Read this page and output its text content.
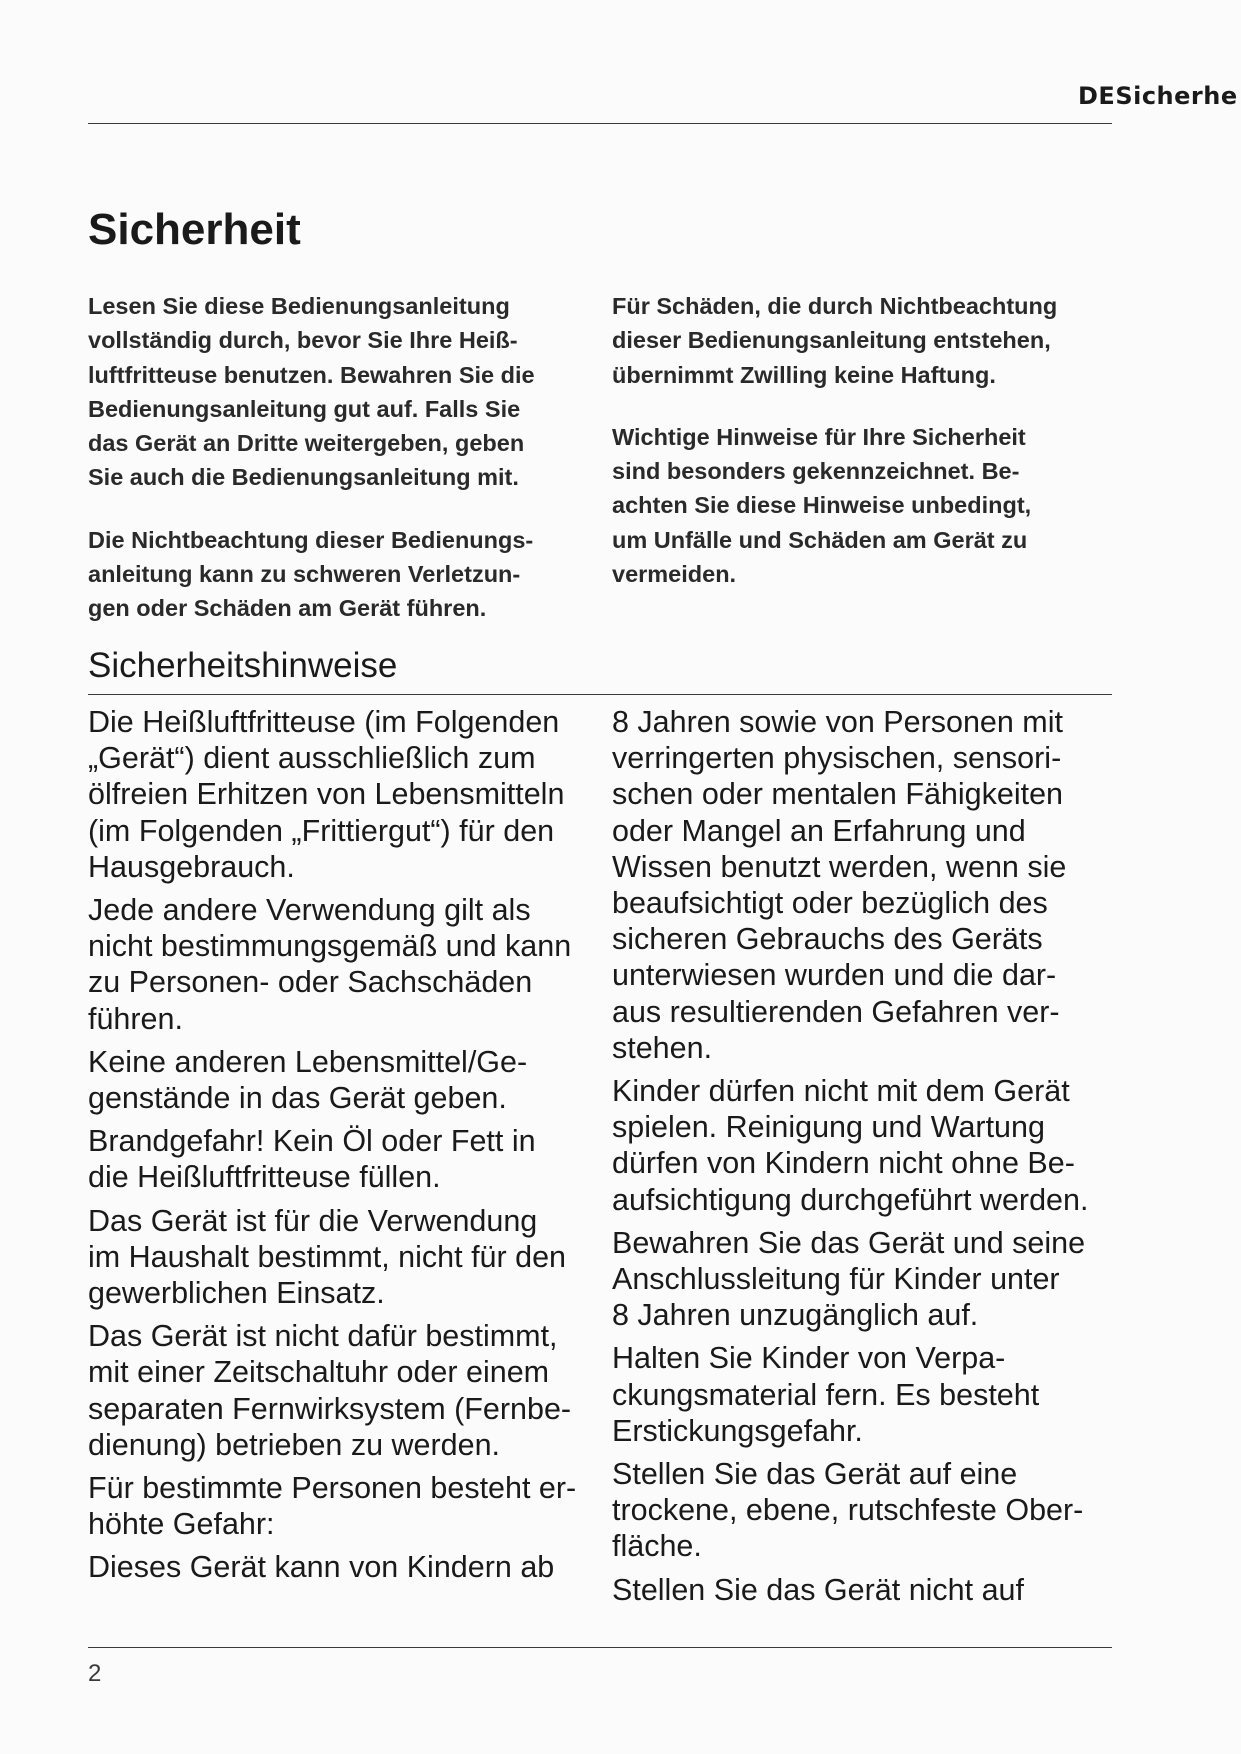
DESicherhe
Sicherheit

Lesen Sie diese Bedienungsanleitung
vollständig durch, bevor Sie Ihre Heiß-
luftfritteuse benutzen. Bewahren Sie die
Bedienungsanleitung gut auf. Falls Sie
das Gerät an Dritte weitergeben, geben
Sie auch die Bedienungsanleitung mit.

Die Nichtbeachtung dieser Bedienungs-
anleitung kann zu schweren Verletzun-
gen oder Schäden am Gerät führen.

Für Schäden, die durch Nichtbeachtung
dieser Bedienungsanleitung entstehen,
übernimmt Zwilling keine Haftung.

Wichtige Hinweise für Ihre Sicherheit
sind besonders gekennzeichnet. Be-
achten Sie diese Hinweise unbedingt,
um Unfälle und Schäden am Gerät zu
vermeiden.

Sicherheitshinweise

Die Heißluftfritteuse (im Folgenden
„Gerät“) dient ausschließlich zum
ölfreien Erhitzen von Lebensmitteln
(im Folgenden „Frittiergut“) für den
Hausgebrauch.

Jede andere Verwendung gilt als
nicht bestimmungsgemäß und kann
zu Personen- oder Sachschäden
führen.

Keine anderen Lebensmittel/Ge-
genstände in das Gerät geben.

Brandgefahr! Kein Öl oder Fett in
die Heißluftfritteuse füllen.

Das Gerät ist für die Verwendung
im Haushalt bestimmt, nicht für den
gewerblichen Einsatz.

Das Gerät ist nicht dafür bestimmt,
mit einer Zeitschaltuhr oder einem
separaten Fernwirksystem (Fernbe-
dienung) betrieben zu werden.

Für bestimmte Personen besteht er-
höhte Gefahr:

Dieses Gerät kann von Kindern ab

8 Jahren sowie von Personen mit
verringerten physischen, sensori-
schen oder mentalen Fähigkeiten
oder Mangel an Erfahrung und
Wissen benutzt werden, wenn sie
beaufsichtigt oder bezüglich des
sicheren Gebrauchs des Geräts
unterwiesen wurden und die dar-
aus resultierenden Gefahren ver-
stehen.

Kinder dürfen nicht mit dem Gerät
spielen. Reinigung und Wartung
dürfen von Kindern nicht ohne Be-
aufsichtigung durchgeführt werden.

Bewahren Sie das Gerät und seine
Anschlussleitung für Kinder unter
8 Jahren unzugänglich auf.

Halten Sie Kinder von Verpa-
ckungsmaterial fern. Es besteht
Erstickungsgefahr.

Stellen Sie das Gerät auf eine
trockene, ebene, rutschfeste Ober-
fläche.

Stellen Sie das Gerät nicht auf

2
